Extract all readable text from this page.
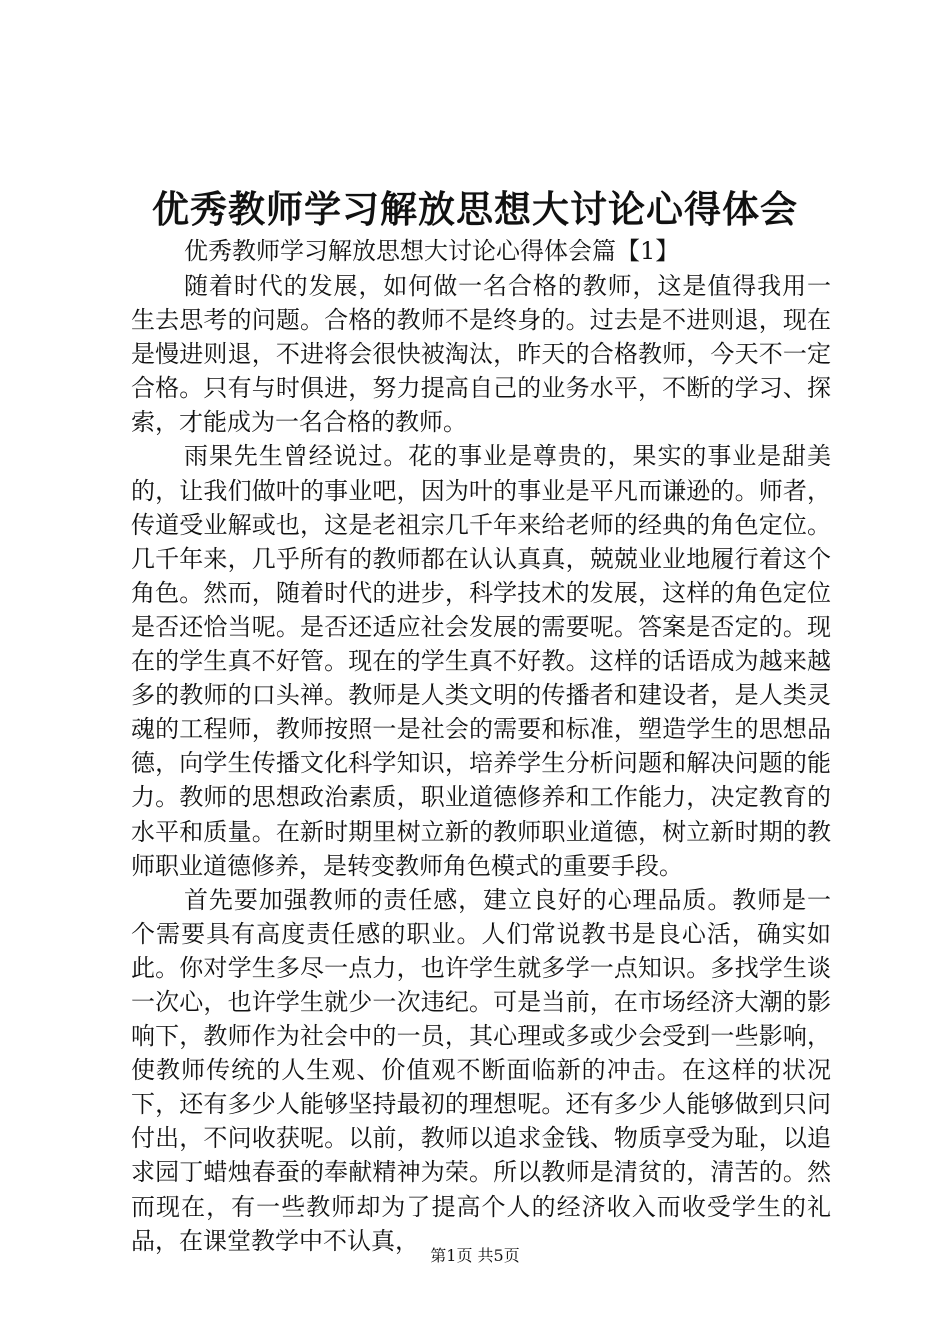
优秀教师学习解放思想大讨论心得体会

优秀教师学习解放思想大讨论心得体会篇【1】

随着时代的发展，如何做一名合格的教师，这是值得我用一生去思考的问题。合格的教师不是终身的。过去是不进则退，现在是慢进则退，不进将会很快被淘汰，昨天的合格教师，今天不一定合格。只有与时俱进，努力提高自己的业务水平，不断的学习、探索，才能成为一名合格的教师。

雨果先生曾经说过。花的事业是尊贵的，果实的事业是甜美的，让我们做叶的事业吧，因为叶的事业是平凡而谦逊的。师者，传道受业解或也，这是老祖宗几千年来给老师的经典的角色定位。几千年来，几乎所有的教师都在认认真真，兢兢业业地履行着这个角色。然而，随着时代的进步，科学技术的发展，这样的角色定位是否还恰当呢。是否还适应社会发展的需要呢。答案是否定的。现在的学生真不好管。现在的学生真不好教。这样的话语成为越来越多的教师的口头禅。教师是人类文明的传播者和建设者，是人类灵魂的工程师，教师按照一是社会的需要和标准，塑造学生的思想品德，向学生传播文化科学知识，培养学生分析问题和解决问题的能力。教师的思想政治素质，职业道德修养和工作能力，决定教育的水平和质量。在新时期里树立新的教师职业道德，树立新时期的教师职业道德修养，是转变教师角色模式的重要手段。

首先要加强教师的责任感，建立良好的心理品质。教师是一个需要具有高度责任感的职业。人们常说教书是良心活，确实如此。你对学生多尽一点力，也许学生就多学一点知识。多找学生谈一次心，也许学生就少一次违纪。可是当前，在市场经济大潮的影响下，教师作为社会中的一员，其心理或多或少会受到一些影响，使教师传统的人生观、价值观不断面临新的冲击。在这样的状况下，还有多少人能够坚持最初的理想呢。还有多少人能够做到只问付出，不问收获呢。以前，教师以追求金钱、物质享受为耻，以追求园丁蜡烛春蚕的奉献精神为荣。所以教师是清贫的，清苦的。然而现在，有一些教师却为了提高个人的经济收入而收受学生的礼品，在课堂教学中不认真，

第1页 共5页
